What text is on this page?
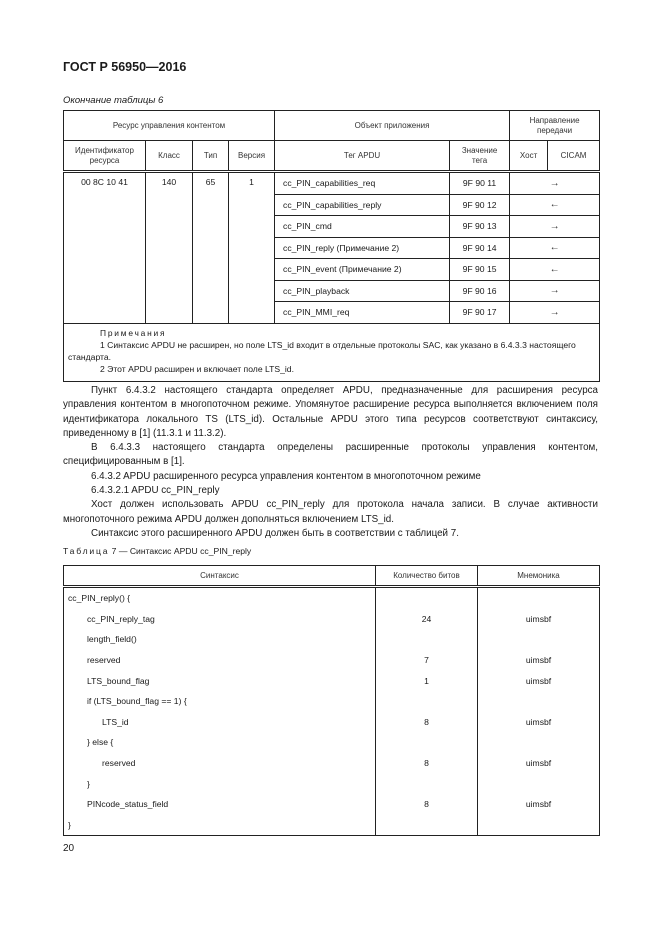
ГОСТ Р 56950—2016
Окончание таблицы 6
Ресурс управления контентом				Объект приложения		Направление передачи	
Идентификатор ресурса	Класс	Тип	Версия	Тег APDU	Значение тега	Хост	CICAM
00 8C 10 41	140	65	1	cc_PIN_capabilities_req	9F 90 11	→	
				cc_PIN_capabilities_reply	9F 90 12	←	
				cc_PIN_cmd	9F 90 13	→	
				cc_PIN_reply (Примечание 2)	9F 90 14	←	
				cc_PIN_event (Примечание 2)	9F 90 15	←	
				cc_PIN_playback	9F 90 16	→	
				cc_PIN_MMI_req	9F 90 17	→	

Примечания
1 Синтаксис APDU не расширен, но поле LTS_id входит в отдельные протоколы SAC, как указано в 6.4.3.3 настоящего стандарта.
2 Этот APDU расширен и включает поле LTS_id.							

Пункт 6.4.3.2 настоящего стандарта определяет APDU, предназначенные для расширения ресурса управления контентом в многопоточном режиме. Упомянутое расширение ресурса выполняется включением поля идентификатора локального TS (LTS_id). Остальные APDU этого типа ресурсов соответствуют синтаксису, приведенному в [1] (11.3.1 и 11.3.2).

В 6.4.3.3 настоящего стандарта определены расширенные протоколы управления контентом, специфицированным в [1].

6.4.3.2 APDU расширенного ресурса управления контентом в многопоточном режиме

6.4.3.2.1 APDU cc_PIN_reply

Хост должен использовать APDU cc_PIN_reply для протокола начала записи. В случае активности многопоточного режима APDU должен дополняться включением LTS_id.

Синтаксис этого расширенного APDU должен быть в соответствии с таблицей 7.

Таблица 7 — Синтаксис APDU cc_PIN_reply
Синтаксис	Количество битов	Мнемоника
cc_PIN_reply() {		
cc_PIN_reply_tag	24	uimsbf
length_field()		
reserved	7	uimsbf
LTS_bound_flag	1	uimsbf
if (LTS_bound_flag == 1) {		
LTS_id	8	uimsbf
} else {		
reserved	8	uimsbf
}		
PINcode_status_field	8	uimsbf
}		
20
